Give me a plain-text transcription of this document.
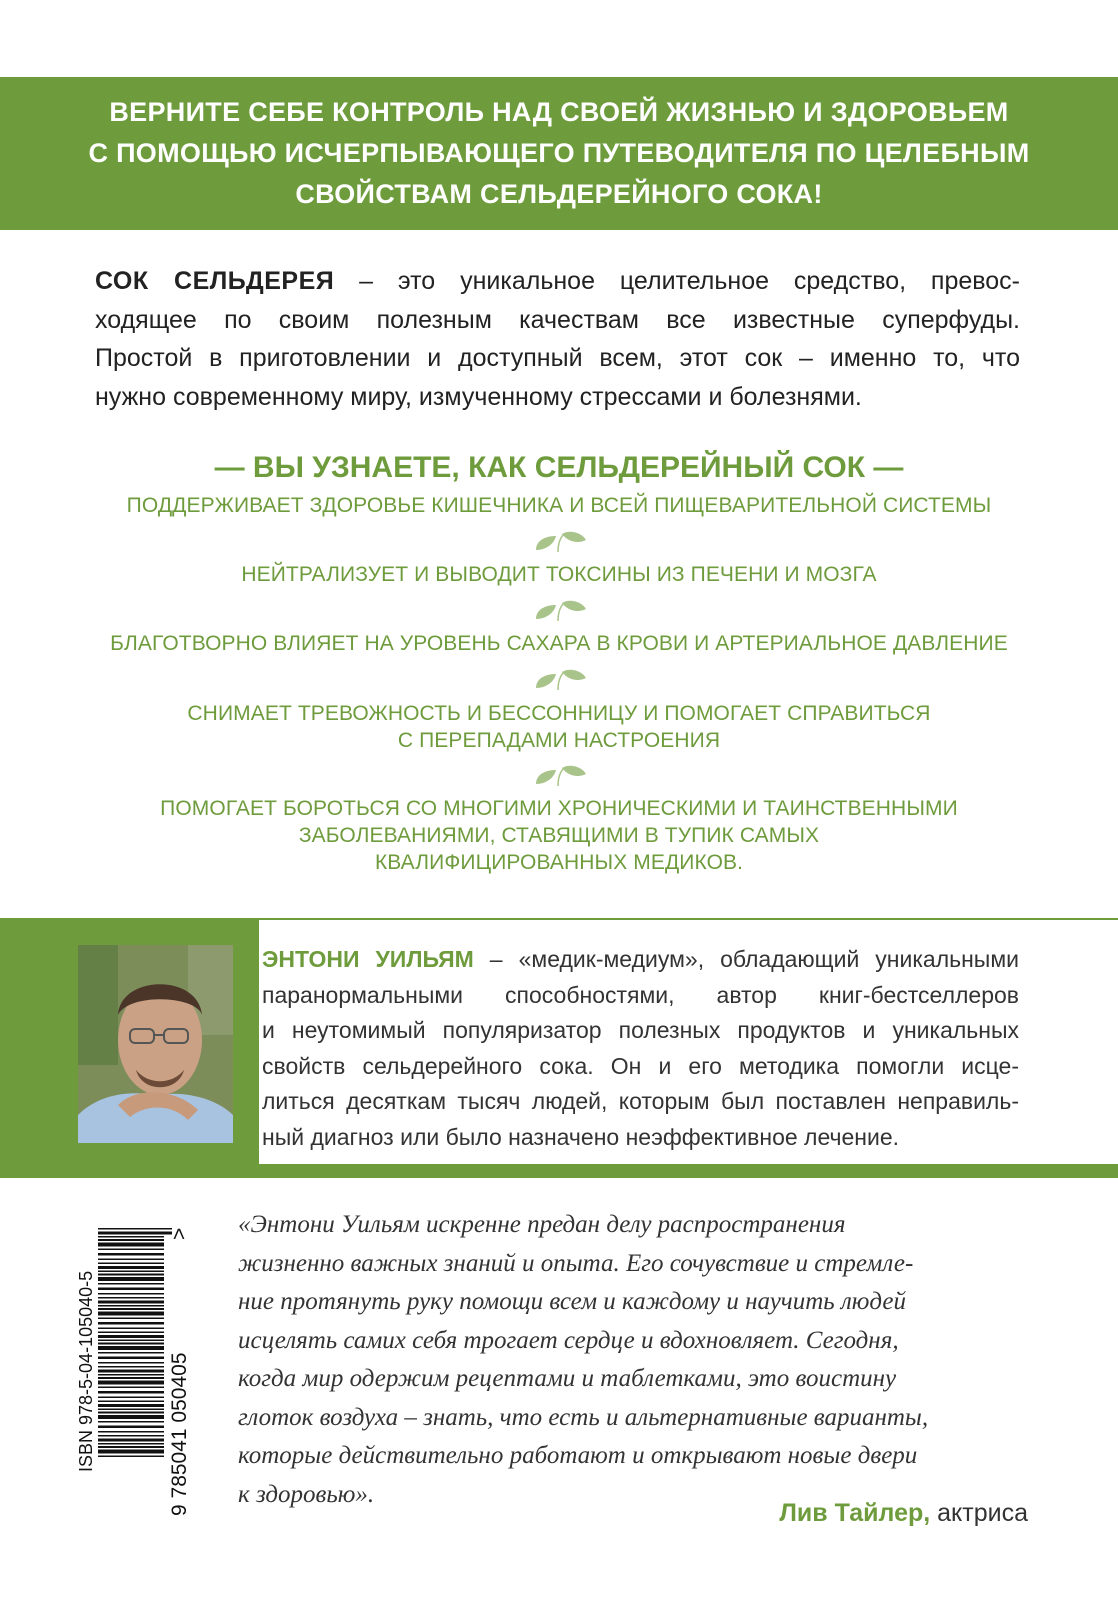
ВЕРНИТЕ СЕБЕ КОНТРОЛЬ НАД СВОЕЙ ЖИЗНЬЮ И ЗДОРОВЬЕМ
С ПОМОЩЬЮ ИСЧЕРПЫВАЮЩЕГО ПУТЕВОДИТЕЛЯ ПО ЦЕЛЕБНЫМ
СВОЙСТВАМ СЕЛЬДЕРЕЙНОГО СОКА!
СОК СЕЛЬДЕРЕЯ – это уникальное целительное средство, превос-
ходящее по своим полезным качествам все известные суперфуды.
Простой в приготовлении и доступный всем, этот сок – именно то, что
нужно современному миру, измученному стрессами и болезнями.
— ВЫ УЗНАЕТЕ, КАК СЕЛЬДЕРЕЙНЫЙ СОК —
ПОДДЕРЖИВАЕТ ЗДОРОВЬЕ КИШЕЧНИКА И ВСЕЙ ПИЩЕВАРИТЕЛЬНОЙ СИСТЕМЫ
НЕЙТРАЛИЗУЕТ И ВЫВОДИТ ТОКСИНЫ ИЗ ПЕЧЕНИ И МОЗГА
БЛАГОТВОРНО ВЛИЯЕТ НА УРОВЕНЬ САХАРА В КРОВИ И АРТЕРИАЛЬНОЕ ДАВЛЕНИЕ
СНИМАЕТ ТРЕВОЖНОСТЬ И БЕССОННИЦУ И ПОМОГАЕТ СПРАВИТЬСЯ
С ПЕРЕПАДАМИ НАСТРОЕНИЯ
ПОМОГАЕТ БОРОТЬСЯ СО МНОГИМИ ХРОНИЧЕСКИМИ И ТАИНСТВЕННЫМИ
ЗАБОЛЕВАНИЯМИ, СТАВЯЩИМИ В ТУПИК САМЫХ
КВАЛИФИЦИРОВАННЫХ МЕДИКОВ.
ЭНТОНИ УИЛЬЯМ – «медик-медиум», обладающий уникальными
паранормальными способностями, автор книг-бестселлеров
и неутомимый популяризатор полезных продуктов и уникальных
свойств сельдерейного сока. Он и его методика помогли исце-
литься десяткам тысяч людей, которым был поставлен неправиль-
ный диагноз или было назначено неэффективное лечение.
ISBN 978-5-04-105040-5	9 785041 050405
> «Энтони Уильям искренне предан делу распространения
жизненно важных знаний и опыта. Его сочувствие и стремле-
ние протянуть руку помощи всем и каждому и научить людей
исцелять самих себя трогает сердце и вдохновляет. Сегодня,
когда мир одержим рецептами и таблетками, это воистину
глоток воздуха – знать, что есть и альтернативные варианты,
которые действительно работают и открывают новые двери
к здоровью».
Лив Тайлер, актриса
